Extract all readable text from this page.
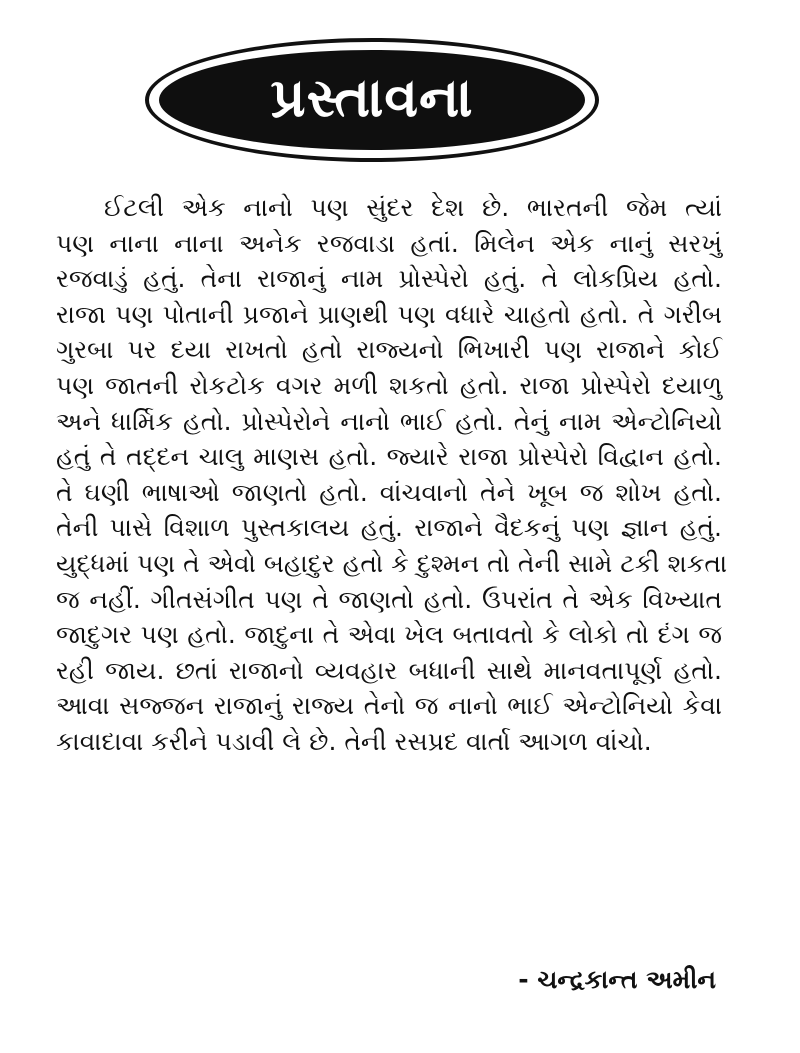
પ્રસ્તાવના
ઈટલી એક નાનો પણ સુંદર દેશ છે. ભારતની જેમ ત્યાં
પણ નાના નાના અનેક રજવાડા હતાં. મિલેન એક નાનું સરખું
રજવાડું હતું. તેના રાજાનું નામ પ્રોસ્પેરો હતું. તે લોકપ્રિય હતો.
રાજા પણ પોતાની પ્રજાને પ્રાણથી પણ વધારે ચાહતો હતો. તે ગરીબ
ગુરબા પર દયા રાખતો હતો રાજ્યનો ભિખારી પણ રાજાને કોઈ
પણ જાતની રોકટોક વગર મળી શકતો હતો. રાજા પ્રોસ્પેરો દયાળુ
અને ધાર્મિક હતો. પ્રોસ્પેરોને નાનો ભાઈ હતો. તેનું નામ એન્ટોનિયો
હતું તે તદ્દન ચાલુ માણસ હતો. જ્યારે રાજા પ્રોસ્પેરો વિદ્વાન હતો.
તે ઘણી ભાષાઓ જાણતો હતો. વાંચવાનો તેને ખૂબ જ શોખ હતો.
તેની પાસે વિશાળ પુસ્તકાલય હતું. રાજાને વૈદકનું પણ જ્ઞાન હતું.
યુદ્ધમાં પણ તે એવો બહાદુર હતો કે દુશ્મન તો તેની સામે ટકી શકતા
જ નહીં. ગીતસંગીત પણ તે જાણતો હતો. ઉપરાંત તે એક વિખ્યાત
જાદુગર પણ હતો. જાદુના તે એવા ખેલ બતાવતો કે લોકો તો દંગ જ
રહી જાય. છતાં રાજાનો વ્યવહાર બધાની સાથે માનવતાપૂર્ણ હતો.
આવા સજ્જન રાજાનું રાજ્ય તેનો જ નાનો ભાઈ એન્ટોનિયો કેવા
કાવાદાવા કરીને પડાવી લે છે. તેની રસપ્રદ વાર્તા આગળ વાંચો.
- ચન્દ્રકાન્ત અમીન
